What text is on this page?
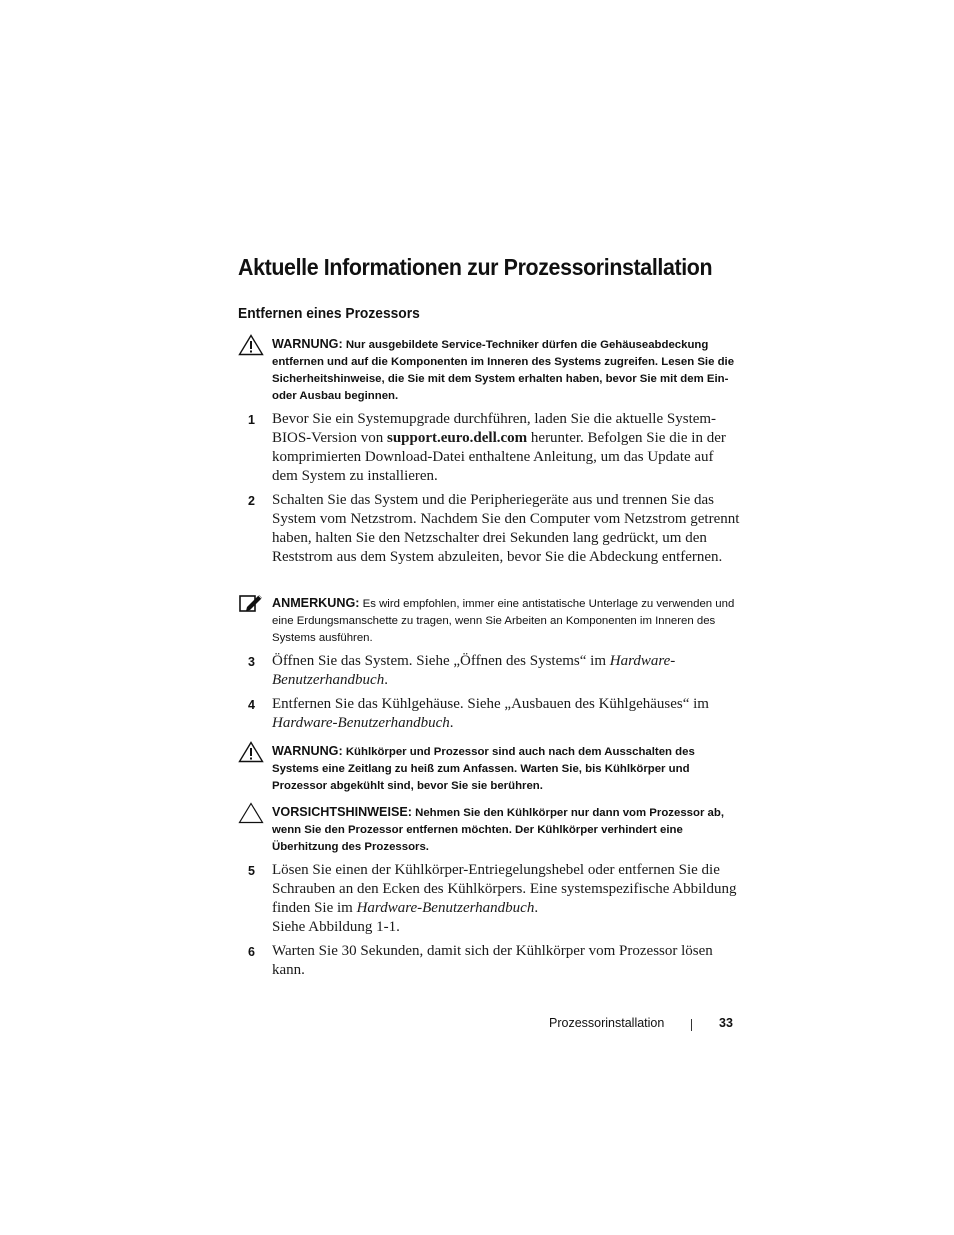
Aktuelle Informationen zur Prozessorinstallation
Entfernen eines Prozessors
WARNUNG: Nur ausgebildete Service-Techniker dürfen die Gehäuseabdeckung entfernen und auf die Komponenten im Inneren des Systems zugreifen. Lesen Sie die Sicherheitshinweise, die Sie mit dem System erhalten haben, bevor Sie mit dem Ein- oder Ausbau beginnen.
1 Bevor Sie ein Systemupgrade durchführen, laden Sie die aktuelle System-BIOS-Version von support.euro.dell.com herunter. Befolgen Sie die in der komprimierten Download-Datei enthaltene Anleitung, um das Update auf dem System zu installieren.
2 Schalten Sie das System und die Peripheriegeräte aus und trennen Sie das System vom Netzstrom. Nachdem Sie den Computer vom Netzstrom getrennt haben, halten Sie den Netzschalter drei Sekunden lang gedrückt, um den Reststrom aus dem System abzuleiten, bevor Sie die Abdeckung entfernen.
ANMERKUNG: Es wird empfohlen, immer eine antistatische Unterlage zu verwenden und eine Erdungsmanschette zu tragen, wenn Sie Arbeiten an Komponenten im Inneren des Systems ausführen.
3 Öffnen Sie das System. Siehe „Öffnen des Systems“ im Hardware-Benutzerhandbuch.
4 Entfernen Sie das Kühlgehäuse. Siehe „Ausbauen des Kühlgehäuses“ im Hardware-Benutzerhandbuch.
WARNUNG: Kühlkörper und Prozessor sind auch nach dem Ausschalten des Systems eine Zeitlang zu heiß zum Anfassen. Warten Sie, bis Kühlkörper und Prozessor abgekühlt sind, bevor Sie sie berühren.
VORSICHTSHINWEISE: Nehmen Sie den Kühlkörper nur dann vom Prozessor ab, wenn Sie den Prozessor entfernen möchten. Der Kühlkörper verhindert eine Überhitzung des Prozessors.
5 Lösen Sie einen der Kühlkörper-Entriegelungshebel oder entfernen Sie die Schrauben an den Ecken des Kühlkörpers. Eine systemspezifische Abbildung finden Sie im Hardware-Benutzerhandbuch.
Siehe Abbildung 1-1.
6 Warten Sie 30 Sekunden, damit sich der Kühlkörper vom Prozessor lösen kann.
Prozessorinstallation	33
